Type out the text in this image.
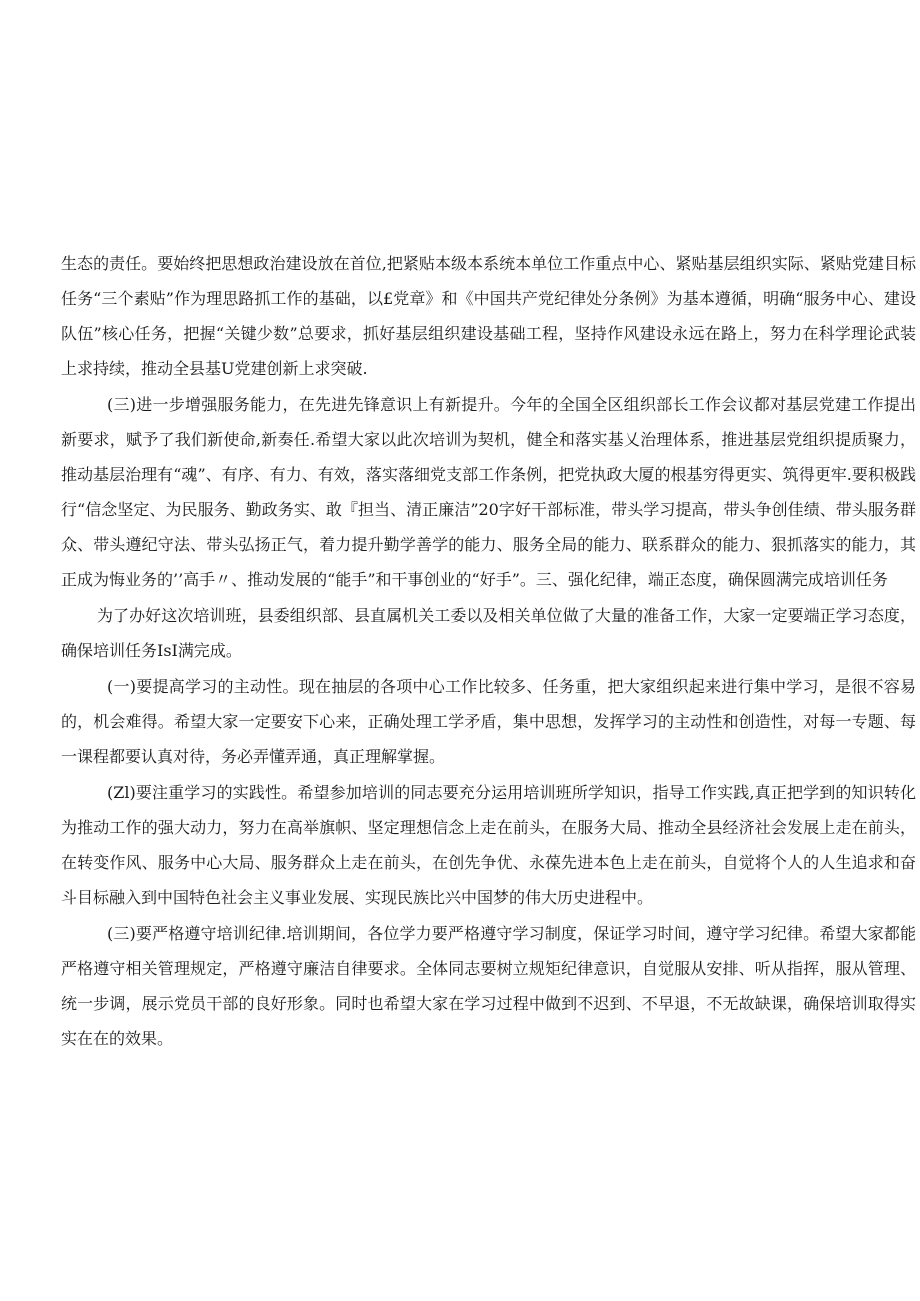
生态的责任。要始终把思想政治建设放在首位,把紧贴本级本系统本单位工作重点中心、紧贴基层组织实际、紧贴党建目标任务“三个素贴”作为理思路抓工作的基础，以£党章》和《中国共产党纪律处分条例》为基本遵循，明确“服务中心、建设队伍”核心任务，把握“关键少数”总要求，抓好基层组织建设基础工程，坚持作风建设永远在路上，努力在科学理论武装上求持续，推动全县基U党建创新上求突破.

(三)进一步增强服务能力，在先进先锋意识上有新提升。今年的全国全区组织部长工作会议都对基层党建工作提出新要求，赋予了我们新使命,新奏任.希望大家以此次培训为契机，健全和落实基乂治理体系，推进基层党组织提质聚力，推动基层治理有“魂”、有序、有力、有效，落实落细党支部工作条例，把党执政大厦的根基穷得更实、筑得更牢.要积极践行“信念坚定、为民服务、勤政务实、敢『担当、清正廉洁”20字好干部标准，带头学习提高，带头争创佳绩、带头服务群众、带头遵纪守法、带头弘扬正气，着力提升勤学善学的能力、服务全局的能力、联系群众的能力、狠抓落实的能力，其正成为悔业务的’’高手〃、推动发展的“能手”和干事创业的“好手”。三、强化纪律，端正态度，确保圆满完成培训任务

为了办好这次培训班，县委组织部、县直属机关工委以及相关单位做了大量的准备工作，大家一定要端正学习态度，确保培训任务IsI满完成。

(一)要提高学习的主动性。现在抽层的各项中心工作比较多、任务重，把大家组织起来进行集中学习，是很不容易的，机会难得。希望大家一定要安下心来，正确处理工学矛盾，集中思想，发挥学习的主动性和创造性，对每一专题、每一课程都要认真对待，务必弄懂弄通，真正理解掌握。

(Zl)要注重学习的实践性。希望参加培训的同志要充分运用培训班所学知识，指导工作实践,真正把学到的知识转化为推动工作的强大动力，努力在高举旗帜、坚定理想信念上走在前头，在服务大局、推动全县经济社会发展上走在前头，在转变作风、服务中心大局、服务群众上走在前头，在创先争优、永葆先进本色上走在前头，自觉将个人的人生追求和奋斗目标融入到中国特色社会主义事业发展、实现民族比兴中国梦的伟大历史进程中。

(三)要严格遵守培训纪律.培训期间，各位学力要严格遵守学习制度，保证学习时间，遵守学习纪律。希望大家都能严格遵守相关管理规定，严格遵守廉洁自律要求。全体同志要树立规矩纪律意识，自觉服从安排、听从指挥，服从管理、统一步调，展示党员干部的良好形象。同时也希望大家在学习过程中做到不迟到、不早退，不无故缺课，确保培训取得实实在在的效果。
